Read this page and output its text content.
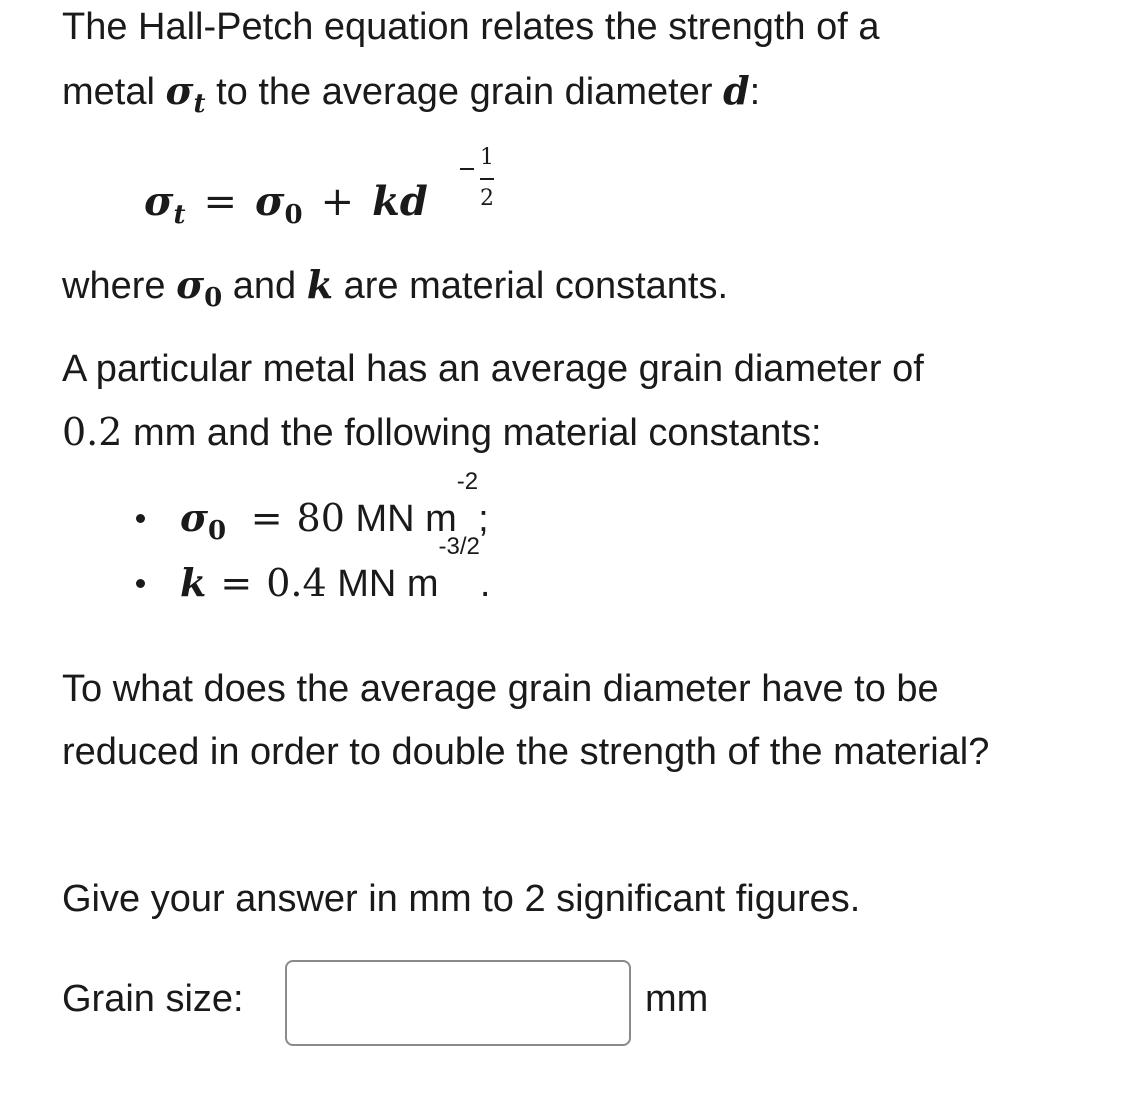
The Hall-Petch equation relates the strength of a
metal $\sigma_t$ to the average grain diameter d:

$\sigma_t = \sigma_0$ + kd
1
2

where $\sigma_0$ and k are material constants.

A particular metal has an average grain diameter of
0.2 mm and the following material constants:

$\sigma_0 = 80$ MN $m^{-2}$;
k = 0.4 MN $m^{-3/2}$.

To what does the average grain diameter have to be reduced in order to double the strength of the material?

Give your answer in mm to 2 significant figures.

Grain size:	mm
